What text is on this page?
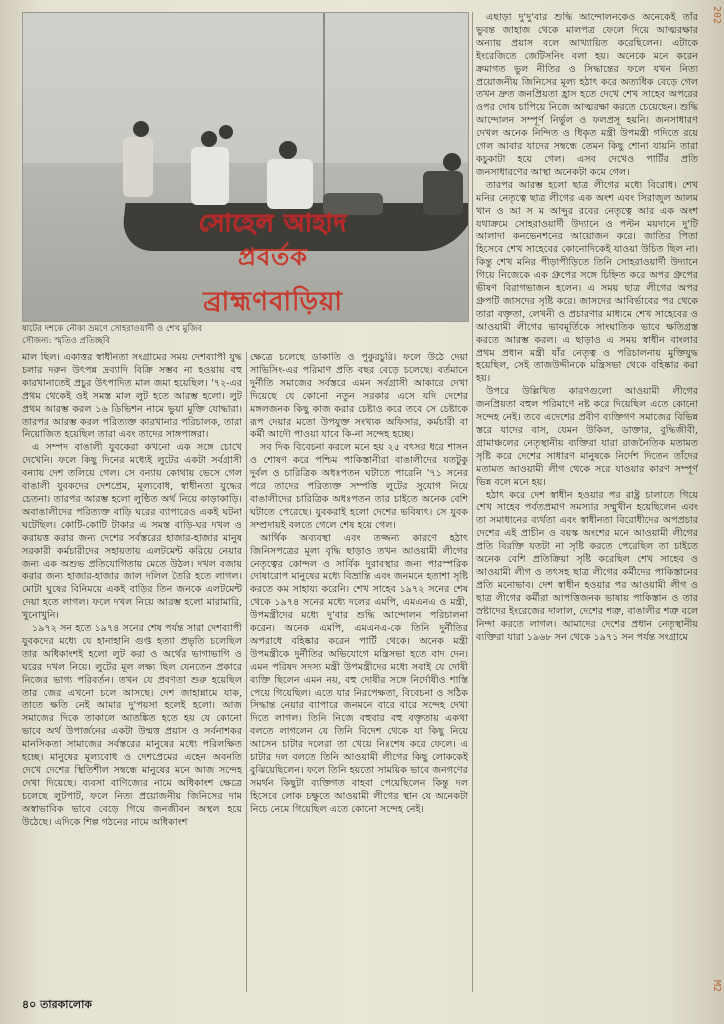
সোহেল আহাদ
প্রবর্তক
ব্রাহ্মণবাড়িয়া
ষাটের দশকে নৌকা ভ্রমণে সোহরাওয়ার্দী ও শেখ মুজিব
সৌজন্য: স্মৃতিও প্রতিচ্ছবি

এছাড়া দু'দু'বার শুদ্ধি আন্দোলনকেও অনেকেই তাঁর ভুবন্ত জাহাজ থেকে মালপত্র ফেলে দিয়ে আত্মরক্ষার অন্যায় প্রয়াস বলে আখ্যায়িত করেছিলেন। এটাকে ইংরেজিতে জেটিসনিং বলা হয়। অনেকে মনে করেন ক্রমাগত ভুল নীতির ও সিদ্ধান্তের ফলে যখন নিত্য প্রয়োজনীয় জিনিসের মূল্য হঠাৎ করে অত্যধিক বেড়ে গেল তখন দ্রুত জনপ্রিয়তা হ্রাস হতে দেখে শেখ সাহেব অপরের ওপর দোষ চাপিয়ে নিজে আত্মরক্ষা করতে চেয়েছেন। শুদ্ধি আন্দোলন সম্পূর্ণ নির্ভুল ও ফলপ্রসূ হয়নি। জনসাধারণ দেখল অনেক নিন্দিত ও ধিকৃত মন্ত্রী উপমন্ত্রী গদিতে রয়ে গেল আবার যাদের সম্বন্ধে তেমন কিছু শোনা যায়নি তারা কচুকাটা হয়ে গেল। এসব দেখেও পার্টির প্রতি জনসাধারণের আস্থা অনেকটা কমে গেল।

তারপর আরম্ভ হলো ছাত্র লীগের মধ্যে বিরোধ। শেখ মনির নেতৃত্বে ছাত্র লীগের এক অংশ এবং সিরাজুল আলম খান ও আ স ম আব্দুর রবের নেতৃত্বে আর এক অংশ যথাক্রমে সোহরাওয়ার্দী উদ্যানে ও পল্টন ময়দানে দু'টি আলাদা কনভেনশনের আয়োজন করে। জাতির পিতা হিসেবে শেখ সাহেবের কোনোদিকেই যাওয়া উচিত ছিল না। কিন্তু শেখ মনির পীড়াপীড়িতে তিনি সোহরাওয়ার্দী উদ্যানে গিয়ে নিজেকে এক গ্রুপের সঙ্গে চিহ্নিত করে অপর গ্রুপের ভীষণ বিরাগভাজন হলেন। এ সময় ছাত্র লীগের অপর গ্রুপটি জাসদের সৃষ্টি করে। জাসদের আবির্ভাবের পর থেকে তারা বক্তৃতা, লেখনী ও প্রচারণার মাধ্যমে শেখ সাহেবের ও আওয়ামী লীগের ভাবমূর্তিকে সাংঘাতিক ভাবে ক্ষতিগ্রস্ত করতে আরম্ভ করল। এ ছাড়াও এ সময় স্বাধীন বাংলার প্রথম প্রধান মন্ত্রী যাঁর নেতৃত্ব ও পরিচালনায় মুক্তিযুদ্ধ হয়েছিল, সেই তাজউদ্দীনকে মন্ত্রিসভা থেকে বহিষ্কার করা হয়।

উপরে উল্লিখিত কারণগুলো আওয়ামী লীগের জনপ্রিয়তা বহুল পরিমাণে নষ্ট করে দিয়েছিল এতে কোনো সন্দেহ নেই। তবে এদেশের প্রবীণ ব্যক্তিগণ সমাজের বিভিন্ন স্তরে যাদের বাস, যেমন উকিল, ডাক্তার, বুদ্ধিজীবী, গ্রামাঞ্চলের নেতৃস্থানীয় ব্যক্তিরা যারা রাজনৈতিক মতামত সৃষ্টি করে দেশের সাধারণ মানুষকে নির্দেশ দিতেন তাঁদের মতামত আওয়ামী লীগ থেকে সরে যাওয়ার কারণ সম্পূর্ণ ভিন্ন বলে মনে হয়।

হঠাৎ করে দেশ স্বাধীন হওয়ার পর রাষ্ট্র চালাতে গিয়ে শেখ সাহেব পর্বতপ্রমাণ সমস্যার সম্মুখীন হয়েছিলেন এবং তা সমাধানের ব্যর্থতা এবং স্বাধীনতা বিরোধীদের অপপ্রচার দেশের এই প্রাচীন ও বয়স্ক অংশের মনে আওয়ামী লীগের প্রতি বিরক্তি যতটা না সৃষ্টি করতে পেরেছিল তা চাইতে অনেক বেশি প্রতিক্রিয়া সৃষ্টি করেছিল শেখ সাহেব ও আওয়ামী লীগ ও তৎসহ ছাত্র লীগের কর্মীদের পাকিস্তানের প্রতি মনোভাব। দেশ স্বাধীন হওয়ার পর আওয়ামী লীগ ও ছাত্র লীগের কর্মীরা আপত্তিজনক ভাষায় পাকিস্তান ও তার স্রষ্টাদের ইংরেজের দালাল, দেশের শত্রু, বাঙালীর শত্রু বলে নিন্দা করতে লাগল। আমাদের দেশের প্রধান নেতৃস্থানীয় ব্যক্তিরা যারা ১৯৬৮ সন থেকে ১৯৭১ সন পর্যন্ত সংগ্রামে

মাল ছিল। একাত্তর স্বাধীনতা সংগ্রামের সময় দেশব্যাপী যুদ্ধ চলার দরুন উৎপন্ন দ্রব্যাদি বিক্রি সম্ভব না হওয়ায় বহু কারখানাতেই প্রচুর উৎপাদিত মাল জমা হয়েছিল। '৭২-এর প্রথম থেকেই ওই সমস্ত মাল লুট হতে আরম্ভ হলো। লুট প্রথম আরম্ভ করল ১৬ ডিভিশন নামে ভুয়া মুক্তি যোদ্ধারা। তারপর আরম্ভ করল পরিত্যক্ত কারখানার পরিচালক, তারা নিয়োজিত হয়েছিল তারা এবং তাদের সাঙ্গপাঙ্গরা।

এ সম্পদ বাঙালী যুবকেরা কখনো এক সঙ্গে চোখে দেখেনি। ফলে কিছু দিনের মধ্যেই লুটের একটা সর্বগ্রাসী বন্যায় দেশ তলিয়ে গেল। সে বন্যায় কোথায় ভেসে গেল বাঙালী যুবকদের দেশপ্রেম, মূল্যবোধ, স্বাধীনতা যুদ্ধের চেতনা। তারপর আরম্ভ হলো লুণ্ঠিত অর্থ নিয়ে কাড়াকাড়ি। অবাঙালীদের পরিত্যক্ত বাড়ি ঘরের ব্যাপারেও একই ঘটনা ঘটেছিল। কোটি-কোটি টাকার এ সমস্ত বাড়ি-ঘর দখল ও করায়ত্ত করার জন্য দেশের সর্বস্তরের হাজার-হাজার মানুষ সরকারী কর্মচারীদের সহায়তায় এলটমেন্ট করিয়ে নেয়ার জন্য এক অশুভ প্রতিযোগিতায় মেতে উঠল। দখল বজায় করার জন্য হাজার-হাজার জাল দলিল তৈরি হতে লাগল। মোটা ঘুষের বিনিময়ে একই বাড়ির তিন জনকে এলটমেন্ট দেয়া হতে লাগল। ফলে দখল নিয়ে আরম্ভ হলো মারামারি, খুনোখুনি।

১৯৭২ সন হতে ১৯৭৪ সনের শেষ পর্যন্ত সারা দেশব্যাপী যুবকদের মধ্যে যে হানাহানি গুপ্ত হত্যা প্রভৃতি চলেছিল তার অধিকাংশই হলো লুট করা ও অর্থের ভাগাভাগি ও ঘরের দখল নিয়ে। লুটের মূল লক্ষ্য ছিল যেনতেন প্রকারে নিজের ভাগ্য পরিবর্তন। তখন যে প্রবণতা শুরু হয়েছিল তার জের এখনো চলে আসছে। দেশ জাহান্নামে যাক, তাতে ক্ষতি নেই আমার দু'পয়সা হলেই হলো। আজ সমাজের দিকে তাকালে আতঙ্কিত হতে হয় যে কোনো ভাবে অর্থ উপার্জনের একটা উন্মত্ত প্রয়াস ও সর্বনাশকর মানসিকতা সামাজের সর্বস্তরের মানুষের মধ্যে পরিলক্ষিত হচ্ছে। মানুষের মূল্যবোধ ও দেশপ্রেমের এহেন অবনতি দেখে দেশের স্থিতিশীল সম্বন্ধে মানুষের মনে আজ সন্দেহ দেখা দিয়েছে। ব্যবসা বাণিজ্যের নামে অধিকাংশ ক্ষেত্রে চলেছে লুটপাট, ফলে নিত্য প্রয়োজনীয় জিনিসের দাম অস্বাভাবিক ভাবে বেড়ে গিয়ে জনজীবন অস্থল হয়ে উঠেছে। এদিকে শিল্প গঠনের নামে অধিকাংশ

ক্ষেত্রে চলেছে ডাকাতি ও পুকুরচুরি। ফলে উঠে দেয়া সাভিসিং-এর পরিমাণ প্রতি বছর বেড়ে চলেছে। বর্তমানে দুর্নীতি সমাজের সর্বস্তরে এমন সর্বগ্রাসী আকারে দেখা দিয়েছে যে কোনো নতুন সরকার এসে যদি দেশের মঙ্গলজনক কিছু কাজ করার চেষ্টাও করে তবে সে চেষ্টাকে রূপ দেয়ার মতো উপযুক্ত সংখ্যক অফিসার, কর্মচারী বা কর্মী আদৌ পাওয়া যাবে কি-না সন্দেহ হচ্ছে।

সব দিক বিবেচনা করলে মনে হয় ২৫ বৎসর ধরে শাসন ও শোষণ করে পশ্চিম পাকিস্তানীরা বাঙালীদের যতটুকু দুর্বল ও চারিত্রিক অধঃপতন ঘটাতে পারেনি '৭১ সনের পরে তাদের পরিত্যক্ত সম্পত্তি লুটের সুযোগ নিয়ে বাঙালীদের চারিত্রিক অধঃপতন তার চাইতে অনেক বেশি ঘটাতে পেরেছে। যুবকরাই হলো দেশের ভবিষ্যৎ। সে যুবক সম্প্রদায়ই বলতে গেলে শেষ হয়ে গেল।

আর্থিক অব্যবস্থা এবং তজ্জন্য কারণে হঠাৎ জিনিসপত্রের মূল্য বৃদ্ধি ছাড়াও তখন আওয়ামী লীগের নেতৃত্বের কোন্দল ও সার্বিক দুরাবস্থার জন্য পারস্পরিক দোষারোপ মানুষের মধ্যে বিভ্রান্তি এবং জনমনে হতাশা সৃষ্টি করতে কম সাহায্য করেনি। শেখ সাহেব ১৯৭২ সনের শেষ থেকে ১৯৭৪ সনের মধ্যে দলের এমপি, এমএনএ ও মন্ত্রী, উপমন্ত্রীদের মধ্যে দু'বার শুদ্ধি আন্দোলন পরিচালনা করেন। অনেক এমপি, এমএনএ-কে তিনি দুর্নীতির অপরাধে বহিষ্কার করেন পার্টি থেকে। অনেক মন্ত্রী উপমন্ত্রীকে দুর্নীতির অভিযোগে মন্ত্রিসভা হতে বাদ দেন। এমন পরিষদ সদস্য মন্ত্রী উপমন্ত্রীদের মধ্যে সবাই যে দোষী ব্যক্তি ছিলেন এমন নয়, বহু দোষীর সঙ্গে নির্দোষীও শাস্তি পেয়ে গিয়েছিল। এতে যার নিরপেক্ষতা, বিবেচনা ও সঠিক সিদ্ধান্ত নেয়ার ব্যাপারে জনমনে বারে বারে সন্দেহ দেখা দিতে লাগল। তিনি নিজে বহুবার বহু বক্তৃতায় একথা বলতে লাগলেন যে তিনি বিদেশ থেকে যা কিছু নিয়ে আসেন চাটার দলেরা তা খেয়ে নিঃশেষ করে ফেলে। এ চাটার দল বলতে তিনি আওয়ামী লীগের কিছু লোককেই বুঝিয়েছিলেন। ফলে তিনি হয়তো সাময়িক ভাবে জনগণের সমর্থন কিছুটা ব্যক্তিগত বাহবা পেয়েছিলেন কিন্তু দল হিসেবে লোক চক্ষুতে আওয়ামী লীগের স্থান যে অনেকটা নিচে নেমে গিয়েছিল এতে কোনো সন্দেহ নেই।

৪০ তারকালোক
202
M2
